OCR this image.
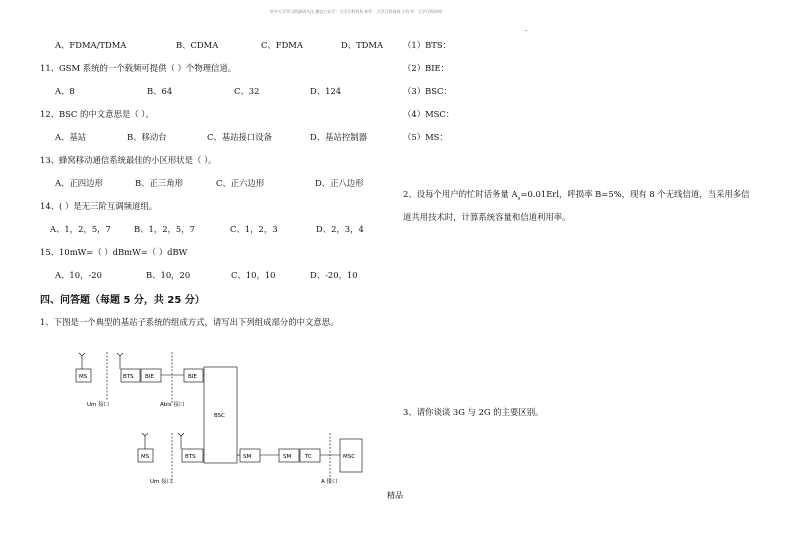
更多大学学习资源请关注 微信公众号：大学百科资料 知乎：大学百科资料 小红书：大学百科资料
-
A、FDMA/TDMA	B、CDMA	C、FDMA	D、TDMA
11、GSM 系统的一个载频可提供（ ）个物理信道。
A、8	B、64	C、32	D、124
12、BSC 的中文意思是（ ）。
A、基站	B、移动台	C、基站接口设备	D、基站控制器
13、蜂窝移动通信系统最佳的小区形状是（ ）。
A、正四边形	B、正三角形	C、正六边形	D、正八边形
14、( ）是无三阶互调频道组。
A、1，2，5，7	B、1，2，5，7	C、1，2，3	D、2，3，4
15、10mW=（ ）dBmW=（ ）dBW
A、10，-20	B、10，20	C、10，10	D、-20，10
四、问答题（每题 5 分，共 25 分）
1、下图是一个典型的基站子系统的组成方式，请写出下列组成部分的中文意思。
MS	BTS BIE	BIE
BSC
MS	BTS	SM	SM	TC	MSC
Um 接口	Abis 接口
Um 接口	A 接口
（1）BTS：
（2）BIE：
（3）BSC：
（4）MSC：
（5）MS：
2、设每个用户的忙时话务量 $A_a=0.01Erl$，呼损率 B=5%，现有 8 个无线信道，当采用多信
道共用技术时，计算系统容量和信道利用率。
3、请你谈谈 3G 与 2G 的主要区别。
精品
